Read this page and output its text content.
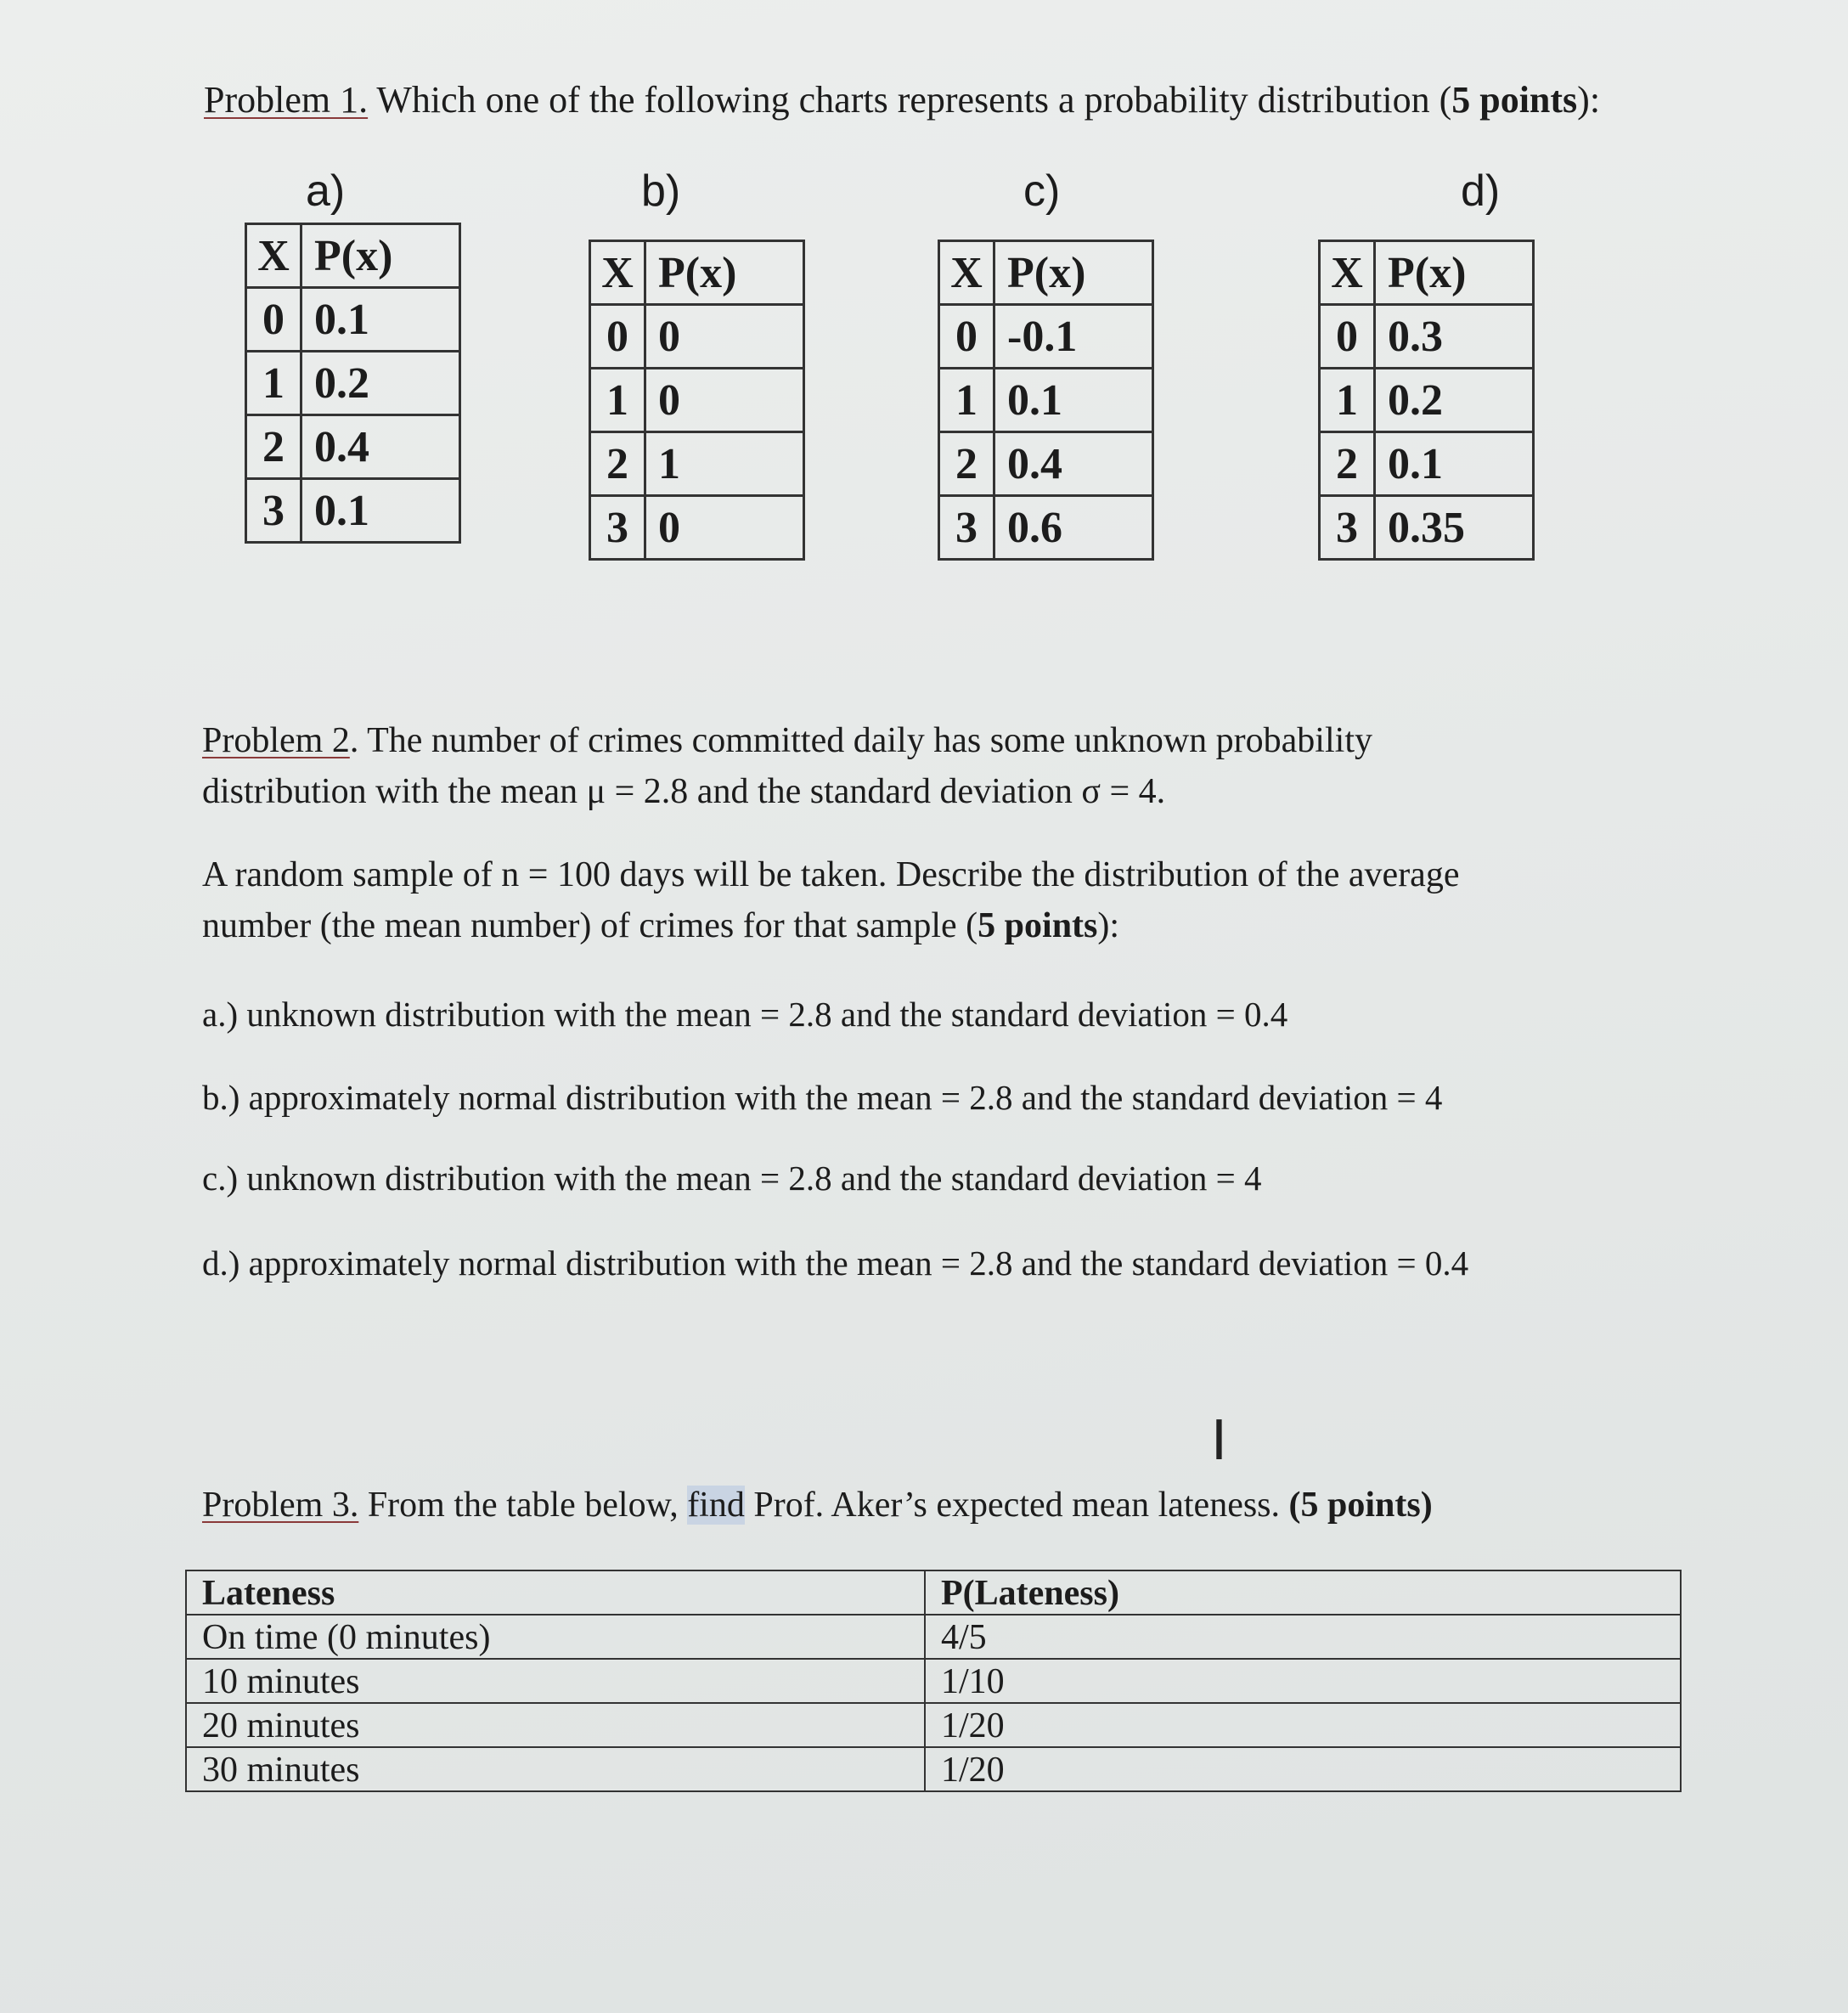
Problem 1. Which one of the following charts represents a probability distribution (5 points):
a)
X	P(x)
0	0.1
1	0.2
2	0.4
3	0.1
b)
X	P(x)
0	0
1	0
2	1
3	0
c)
X	P(x)
0	-0.1
1	0.1
2	0.4
3	0.6
d)
X	P(x)
0	0.3
1	0.2
2	0.1
3	0.35
Problem 2. The number of crimes committed daily has some unknown probability
distribution with the mean μ = 2.8 and the standard deviation σ = 4.
A random sample of n = 100 days will be taken. Describe the distribution of the average
number (the mean number) of crimes for that sample (5 points):
a.) unknown distribution with the mean = 2.8 and the standard deviation = 0.4
b.) approximately normal distribution with the mean = 2.8 and the standard deviation = 4
c.) unknown distribution with the mean = 2.8 and the standard deviation = 4
d.) approximately normal distribution with the mean = 2.8 and the standard deviation = 0.4
I
Problem 3. From the table below, find Prof. Aker’s expected mean lateness. (5 points)
Lateness	P(Lateness)
On time (0 minutes)	4/5
10 minutes	1/10
20 minutes	1/20
30 minutes	1/20
